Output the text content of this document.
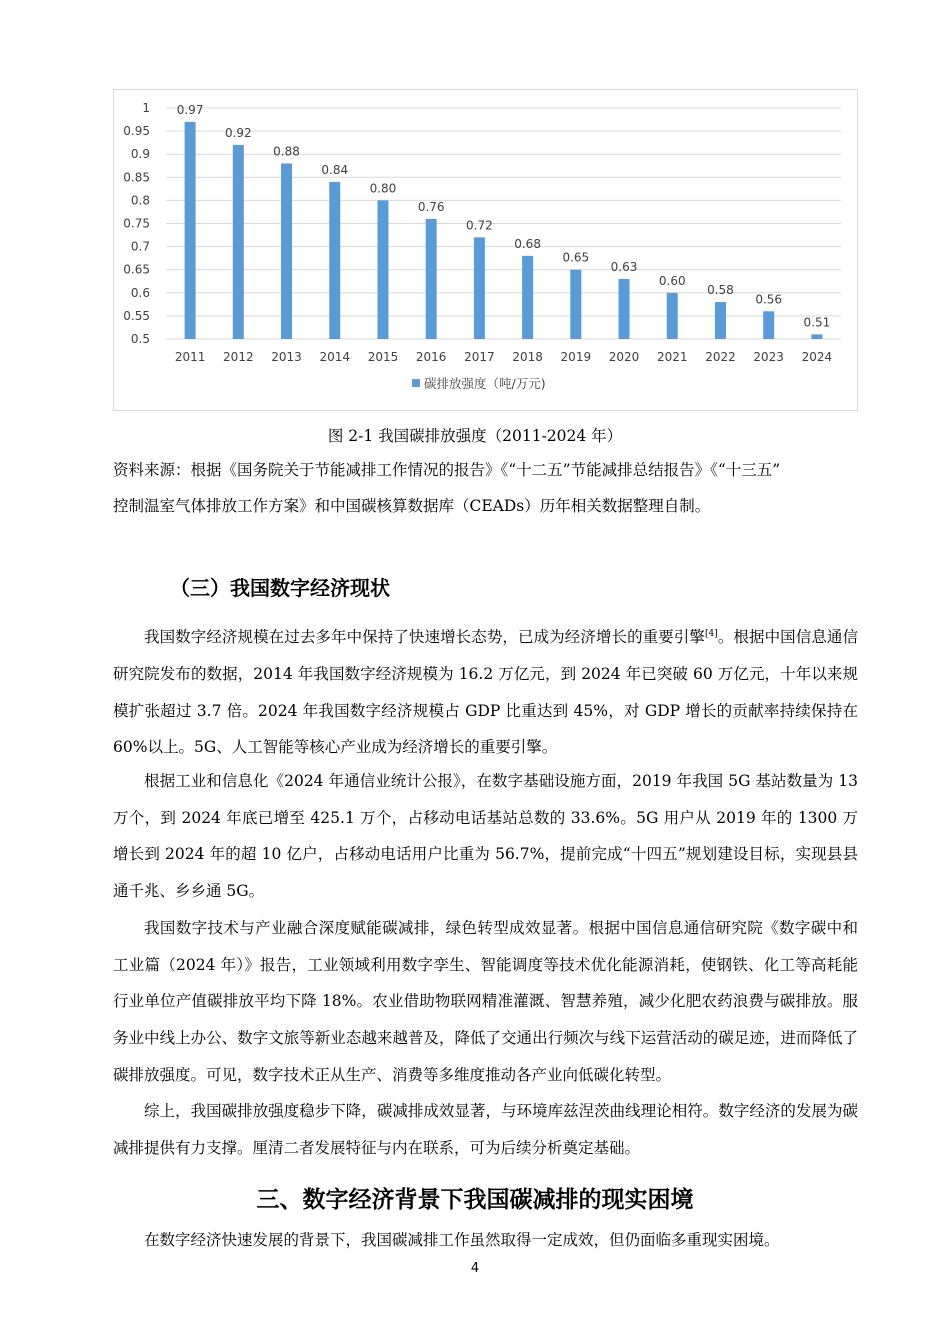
0.5
0.55
0.6
0.65
0.7
0.75
0.8
0.85
0.9
0.95
1 0.97
2011
0.92
2012
0.88
2013
0.84
2014
0.80
2015
0.76
2016
0.72
2017
0.68
2018
0.65
2019
0.63
2020
0.60
2021
0.58
2022
0.56
2023
0.51
2024
碳排放强度（吨/万元)
图 2-1 我国碳排放强度（2011-2024 年）
资料来源：根据《国务院关于节能减排工作情况的报告》《“十二五”节能减排总结报告》《“十三五”
控制温室气体排放工作方案》和中国碳核算数据库（CEADs）历年相关数据整理自制。
（三）我国数字经济现状

我国数字经济规模在过去多年中保持了快速增长态势，已成为经济增长的重要引擎[4]。根据中国信息通信研究院发布的数据，2014 年我国数字经济规模为 16.2 万亿元，到 2024 年已突破 60 万亿元，十年以来规模扩张超过 3.7 倍。2024 年我国数字经济规模占 GDP 比重达到 45%，对 GDP 增长的贡献率持续保持在 60%以上。5G、人工智能等核心产业成为经济增长的重要引擎。

根据工业和信息化《2024 年通信业统计公报》，在数字基础设施方面，2019 年我国 5G 基站数量为 13 万个，到 2024 年底已增至 425.1 万个，占移动电话基站总数的 33.6%。5G 用户从 2019 年的 1300 万增长到 2024 年的超 10 亿户，占移动电话用户比重为 56.7%，提前完成“十四五”规划建设目标，实现县县通千兆、乡乡通 5G。

我国数字技术与产业融合深度赋能碳减排，绿色转型成效显著。根据中国信息通信研究院《数字碳中和 工业篇（2024 年）》报告，工业领域利用数字孪生、智能调度等技术优化能源消耗，使钢铁、化工等高耗能行业单位产值碳排放平均下降 18%。农业借助物联网精准灌溉、智慧养殖，减少化肥农药浪费与碳排放。服务业中线上办公、数字文旅等新业态越来越普及，降低了交通出行频次与线下运营活动的碳足迹，进而降低了碳排放强度。可见，数字技术正从生产、消费等多维度推动各产业向低碳化转型。

综上，我国碳排放强度稳步下降，碳减排成效显著，与环境库兹涅茨曲线理论相符。数字经济的发展为碳减排提供有力支撑。厘清二者发展特征与内在联系，可为后续分析奠定基础。

三、数字经济背景下我国碳减排的现实困境

在数字经济快速发展的背景下，我国碳减排工作虽然取得一定成效，但仍面临多重现实困境。

4
